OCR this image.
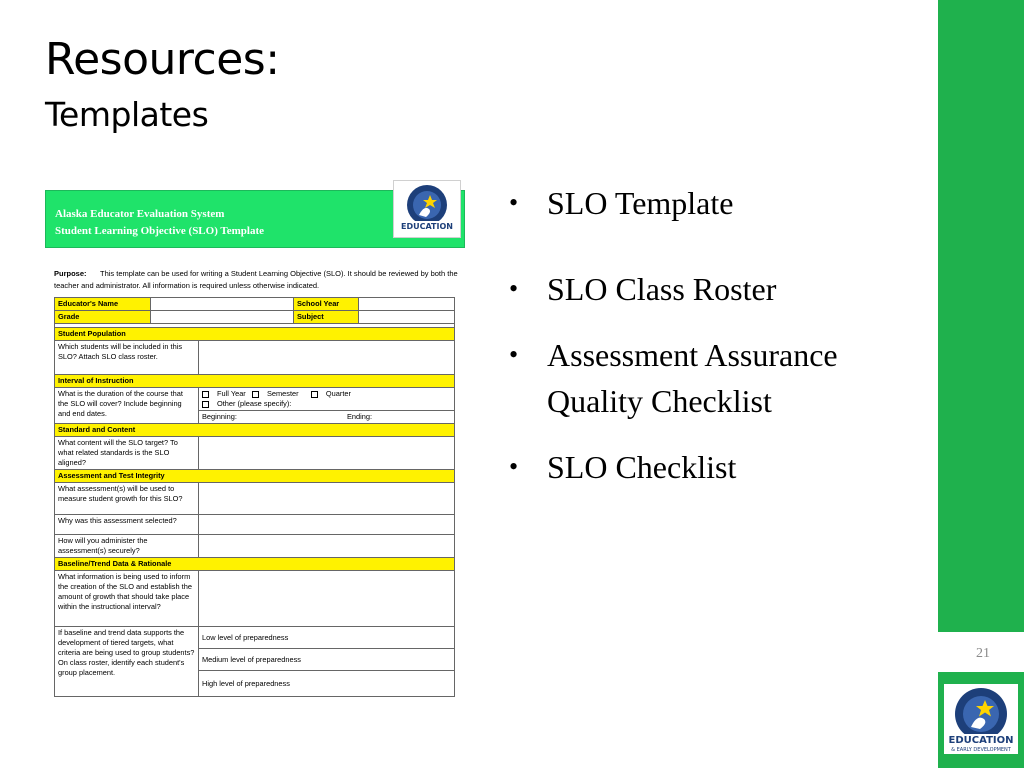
Resources:
Templates
Alaska Educator Evaluation System
Student Learning Objective (SLO) Template	EDUCATION
Purpose: This template can be used for writing a Student Learning Objective (SLO). It should be reviewed by both the teacher and administrator. All information is required unless otherwise indicated.
Educator's Name			School Year	
Grade			Subject	

Student Population				
Which students will be included in this SLO? Attach SLO class roster.				
Interval of Instruction				
What is the duration of the course that the SLO will cover? Include beginning and end dates.		Full Year Semester Quarter
Other (please specify):		
		Beginning: Ending:		
Standard and Content				
What content will the SLO target? To what related standards is the SLO aligned?				
Assessment and Test Integrity				
What assessment(s) will be used to measure student growth for this SLO?				
Why was this assessment selected?				
How will you administer the assessment(s) securely?				
Baseline/Trend Data & Rationale				
What information is being used to inform the creation of the SLO and establish the amount of growth that should take place within the instructional interval?				
If baseline and trend data supports the development of tiered targets, what criteria are being used to group students? On class roster, identify each student's group placement.		Low level of preparedness		
		Medium level of preparedness		
		High level of preparedness		
• SLO Template
• SLO Class Roster
• Assessment Assurance Quality Checklist
• SLO Checklist
21
EDUCATION
& EARLY DEVELOPMENT
